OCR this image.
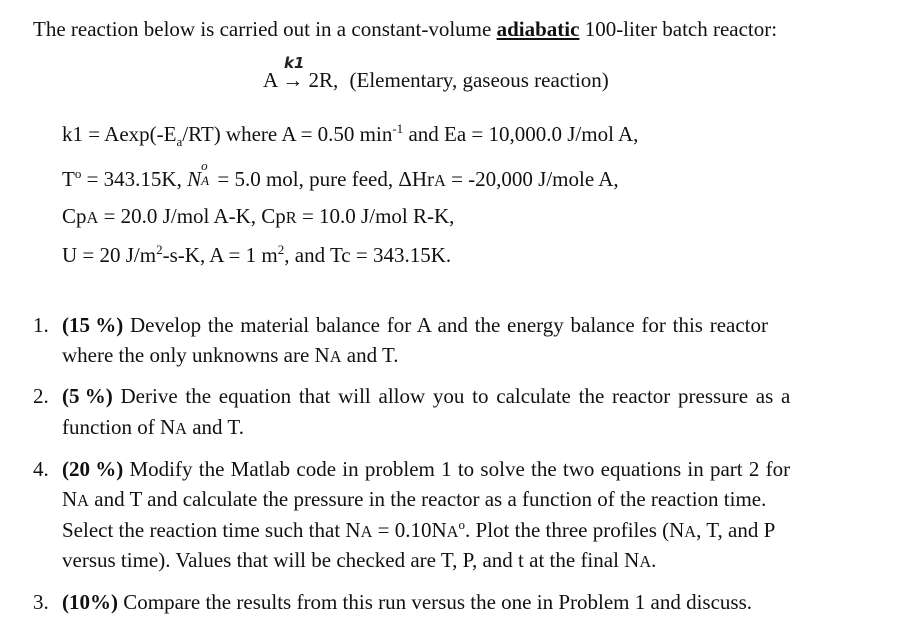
The reaction below is carried out in a constant-volume adiabatic 100-liter batch reactor:
k1
A → 2R, (Elementary, gaseous reaction)
$k1 = Aexp(-E_a/RT)$ where A = 0.50 $\min^{-1}$ and Ea = 10,000.0 J/mol A,
$T^o = 343.15K$, N
o
A = 5.0 mol, pure feed, ΔHrA = -20,000 J/mole A,
CpA = 20.0 J/mol A-K, CpR = 10.0 J/mol R-K,
U = 20 $J/m^2-s-K$, A = 1 $m^2$, and Tc = 343.15K.
1. (15 %) Develop the material balance for A and the energy balance for this reactor
where the only unknowns are NA and T.
2. (5 %) Derive the equation that will allow you to calculate the reactor pressure as a
function of NA and T.
4. (20 %) Modify the Matlab code in problem 1 to solve the two equations in part 2 for
NA and T and calculate the pressure in the reactor as a function of the reaction time.
Select the reaction time such that NA = $0.10NA^o$. Plot the three profiles (NA, T, and P
versus time). Values that will be checked are T, P, and t at the final NA.
3. (10%) Compare the results from this run versus the one in Problem 1 and discuss.
